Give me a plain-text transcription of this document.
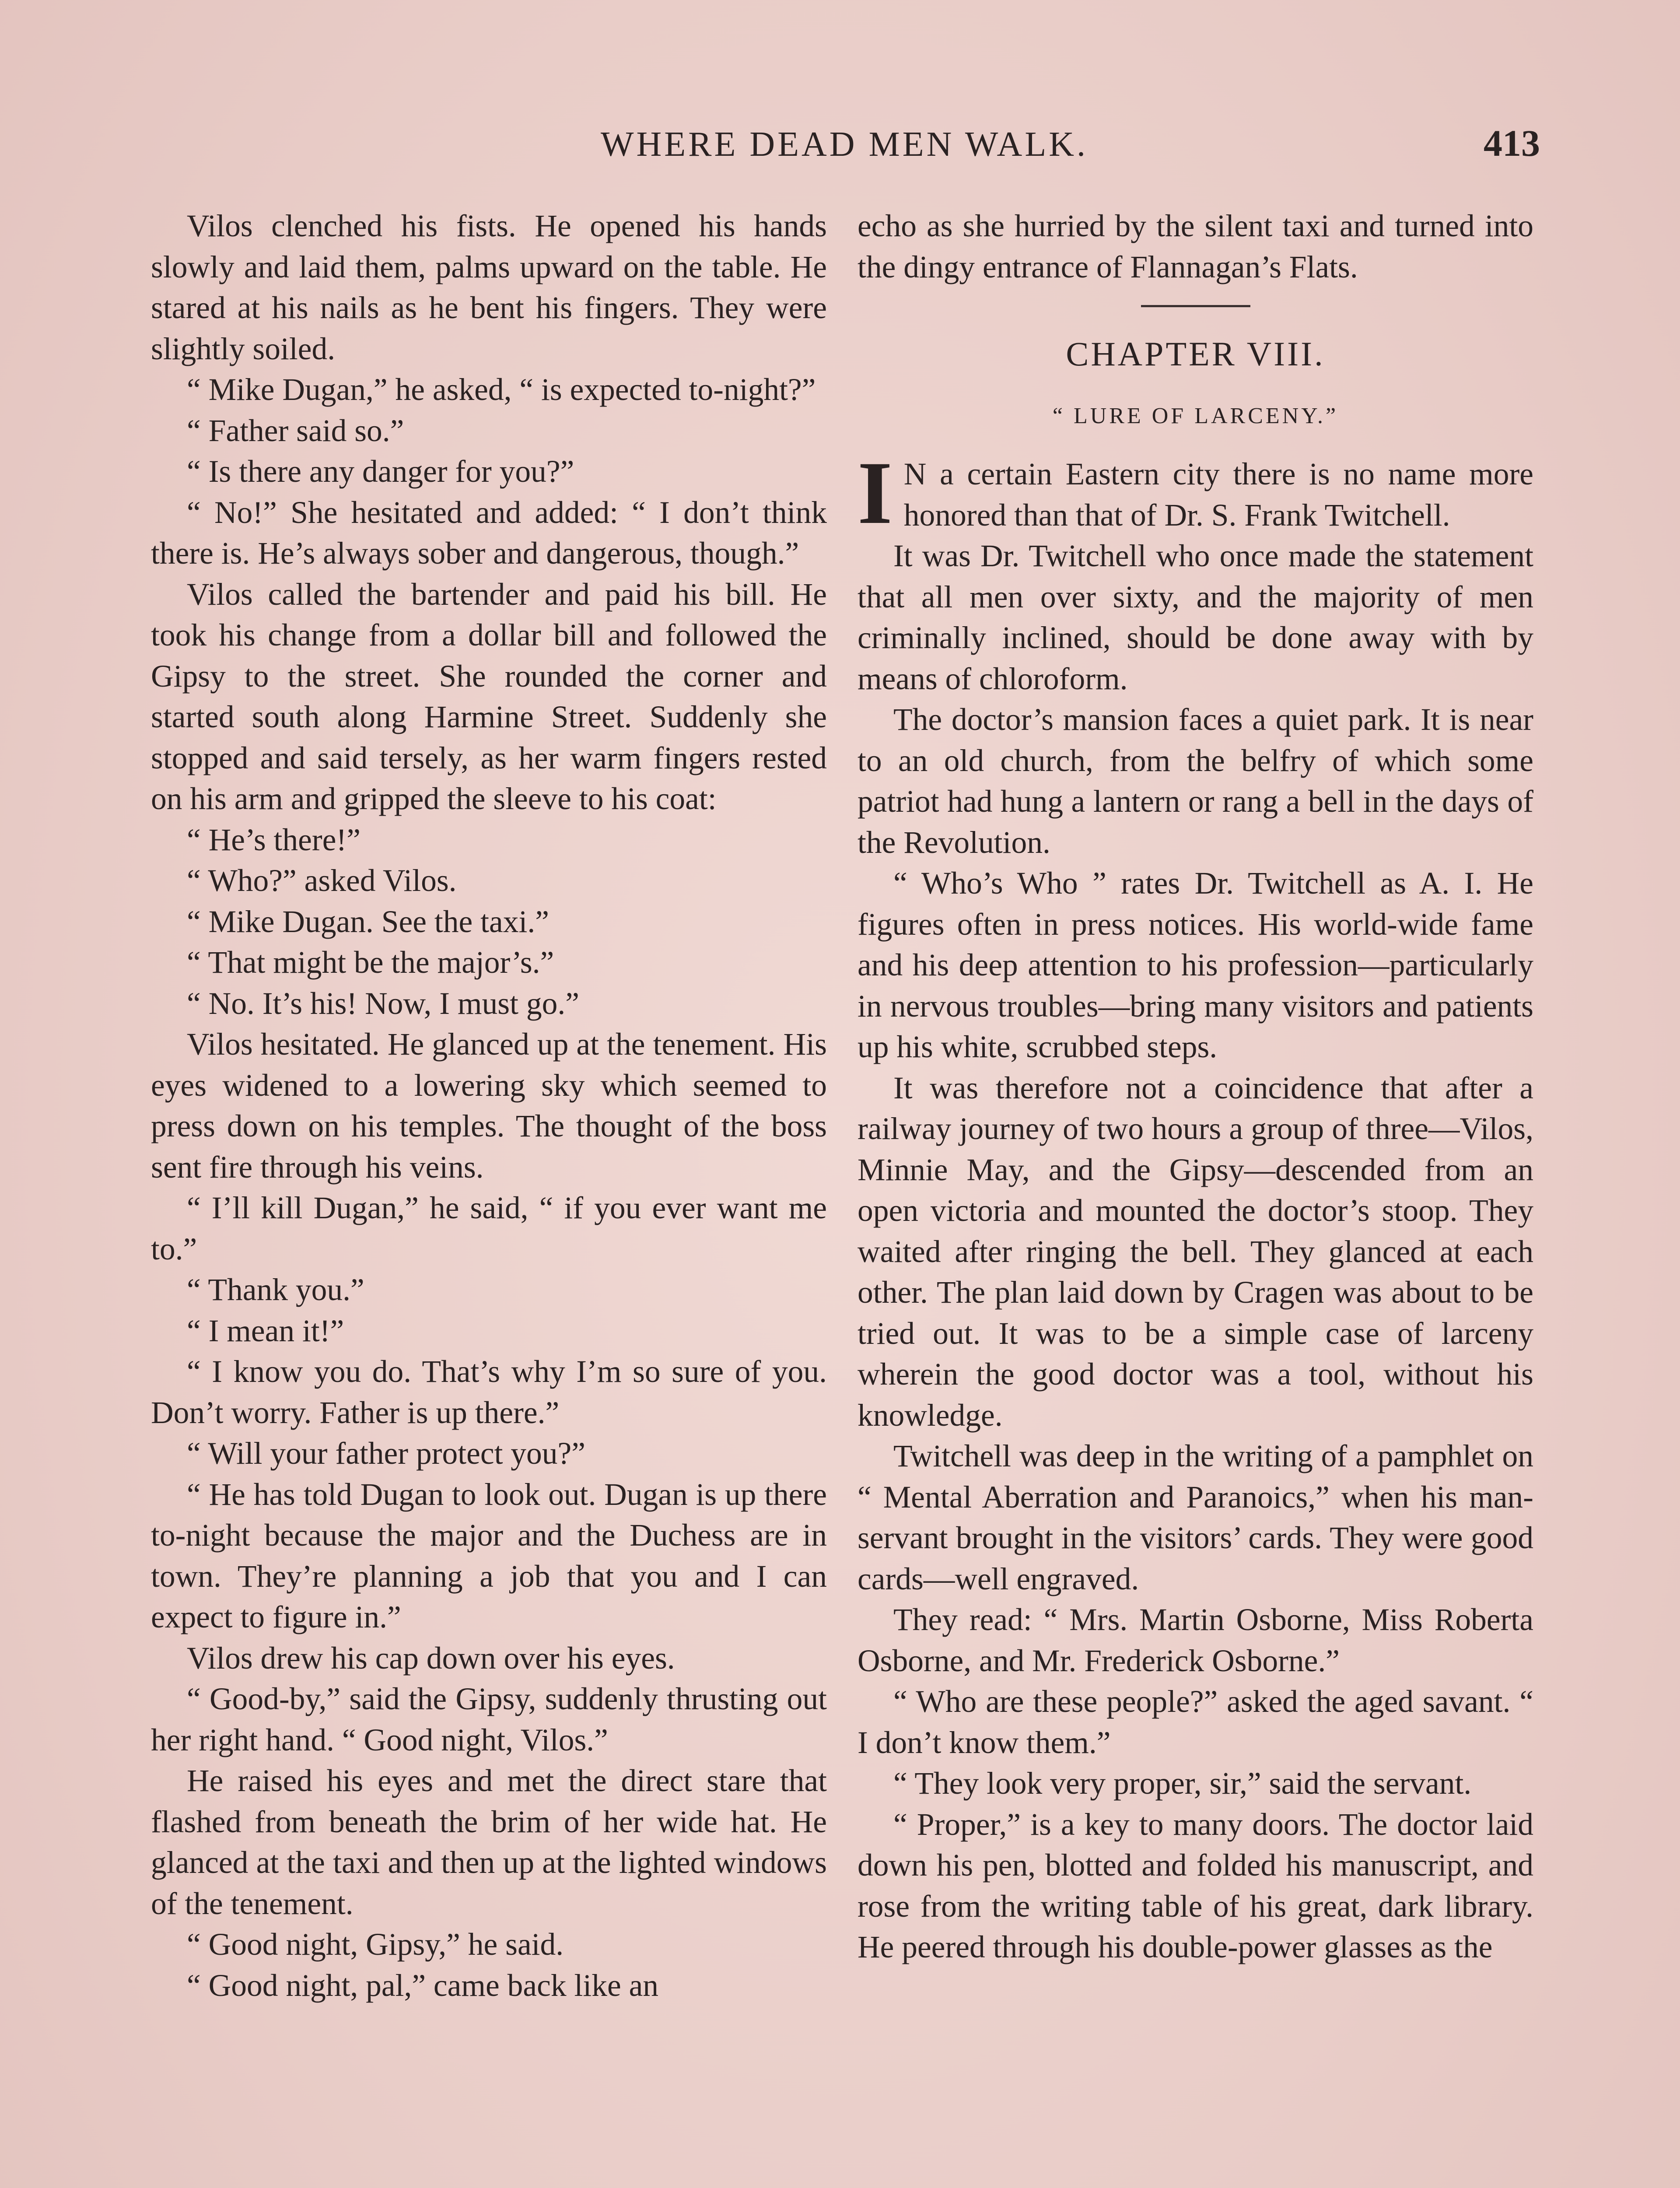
WHERE DEAD MEN WALK.	413

Vilos clenched his fists. He opened his hands slowly and laid them, palms upward on the table. He stared at his nails as he bent his fingers. They were slightly soiled.

“ Mike Dugan,” he asked, “ is expected to-night?”

“ Father said so.”

“ Is there any danger for you?”

“ No!” She hesitated and added: “ I don’t think there is. He’s always sober and dangerous, though.”

Vilos called the bartender and paid his bill. He took his change from a dollar bill and followed the Gipsy to the street. She rounded the corner and started south along Harmine Street. Suddenly she stopped and said tersely, as her warm fingers rested on his arm and gripped the sleeve to his coat:

“ He’s there!”

“ Who?” asked Vilos.

“ Mike Dugan. See the taxi.”

“ That might be the major’s.”

“ No. It’s his! Now, I must go.”

Vilos hesitated. He glanced up at the tenement. His eyes widened to a lowering sky which seemed to press down on his temples. The thought of the boss sent fire through his veins.

“ I’ll kill Dugan,” he said, “ if you ever want me to.”

“ Thank you.”

“ I mean it!”

“ I know you do. That’s why I’m so sure of you. Don’t worry. Father is up there.”

“ Will your father protect you?”

“ He has told Dugan to look out. Dugan is up there to-night because the major and the Duchess are in town. They’re planning a job that you and I can expect to figure in.”

Vilos drew his cap down over his eyes.

“ Good-by,” said the Gipsy, suddenly thrusting out her right hand. “ Good night, Vilos.”

He raised his eyes and met the direct stare that flashed from beneath the brim of her wide hat. He glanced at the taxi and then up at the lighted windows of the tenement.

“ Good night, Gipsy,” he said.

“ Good night, pal,” came back like an

echo as she hurried by the silent taxi and turned into the dingy entrance of Flannagan’s Flats.

CHAPTER VIII.
“ LURE OF LARCENY.”

I N a certain Eastern city there is no name more honored than that of Dr. S. Frank Twitchell.

It was Dr. Twitchell who once made the statement that all men over sixty, and the majority of men criminally inclined, should be done away with by means of chloroform.

The doctor’s mansion faces a quiet park. It is near to an old church, from the belfry of which some patriot had hung a lantern or rang a bell in the days of the Revolution.

“ Who’s Who ” rates Dr. Twitchell as A. I. He figures often in press notices. His world-wide fame and his deep attention to his profession—particularly in nervous troubles—bring many visitors and patients up his white, scrubbed steps.

It was therefore not a coincidence that after a railway journey of two hours a group of three—Vilos, Minnie May, and the Gipsy—descended from an open victoria and mounted the doctor’s stoop. They waited after ringing the bell. They glanced at each other. The plan laid down by Cragen was about to be tried out. It was to be a simple case of larceny wherein the good doctor was a tool, without his knowledge.

Twitchell was deep in the writing of a pamphlet on “ Mental Aberration and Paranoics,” when his man-servant brought in the visitors’ cards. They were good cards—well engraved.

They read: “ Mrs. Martin Osborne, Miss Roberta Osborne, and Mr. Frederick Osborne.”

“ Who are these people?” asked the aged savant. “ I don’t know them.”

“ They look very proper, sir,” said the servant.

“ Proper,” is a key to many doors. The doctor laid down his pen, blotted and folded his manuscript, and rose from the writing table of his great, dark library. He peered through his double-power glasses as the
